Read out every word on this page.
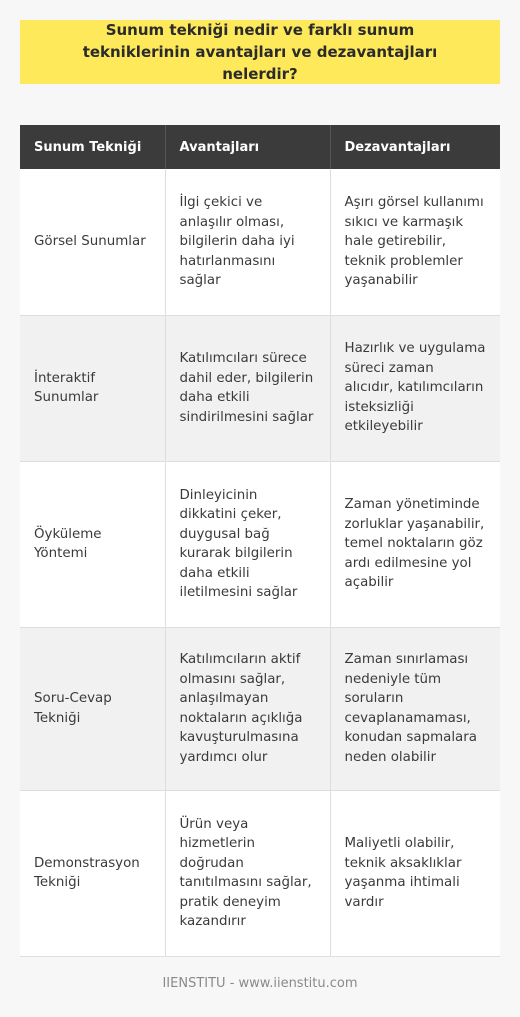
Sunum tekniği nedir ve farklı sunum tekniklerinin avantajları ve dezavantajları nelerdir?
Sunum Tekniği	Avantajları	Dezavantajları
Görsel Sunumlar	İlgi çekici ve anlaşılır olması, bilgilerin daha iyi hatırlanmasını sağlar	Aşırı görsel kullanımı sıkıcı ve karmaşık hale getirebilir, teknik problemler yaşanabilir
İnteraktif Sunumlar	Katılımcıları sürece dahil eder, bilgilerin daha etkili sindirilmesini sağlar	Hazırlık ve uygulama süreci zaman alıcıdır, katılımcıların isteksizliği etkileyebilir
Öyküleme Yöntemi	Dinleyicinin dikkatini çeker, duygusal bağ kurarak bilgilerin daha etkili iletilmesini sağlar	Zaman yönetiminde zorluklar yaşanabilir, temel noktaların göz ardı edilmesine yol açabilir
Soru-Cevap Tekniği	Katılımcıların aktif olmasını sağlar, anlaşılmayan noktaların açıklığa kavuşturulmasına yardımcı olur	Zaman sınırlaması nedeniyle tüm soruların cevaplanamaması, konudan sapmalara neden olabilir
Demonstrasyon Tekniği	Ürün veya hizmetlerin doğrudan tanıtılmasını sağlar, pratik deneyim kazandırır	Maliyetli olabilir, teknik aksaklıklar yaşanma ihtimali vardır
IIENSTITU - www.iienstitu.com
